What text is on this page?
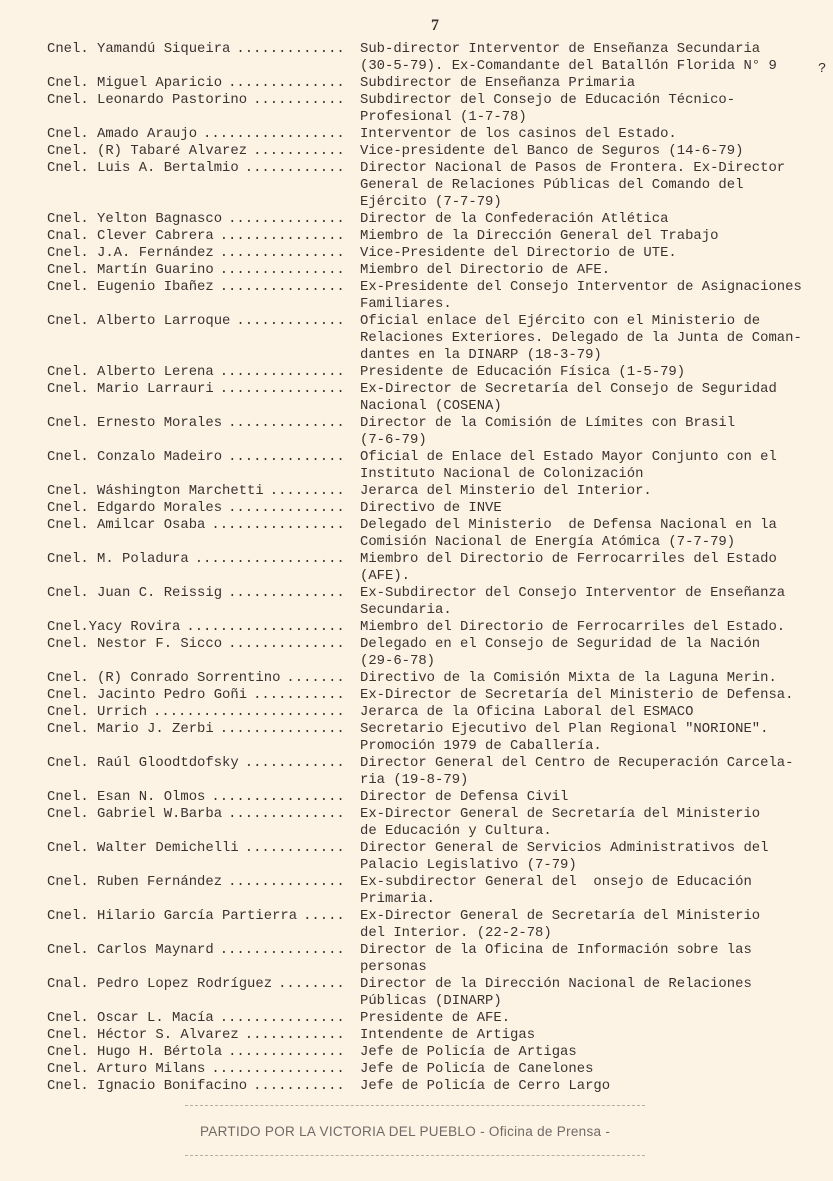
7
?
Cnel. Yamandú Siqueira .....	Sub-director Interventor de Enseñanza Secundaria
(30-5-79). Ex-Comandante del Batallón Florida N° 9
Cnel. Miguel Aparicio .....	Subdirector de Enseñanza Primaria
Cnel. Leonardo Pastorino .....	Subdirector del Consejo de Educación Técnico-
Profesional (1-7-78)
Cnel. Amado Araujo .....	Interventor de los casinos del Estado.
Cnel. (R) Tabaré Alvarez .....	Vice-presidente del Banco de Seguros (14-6-79)
Cnel. Luis A. Bertalmio .....	Director Nacional de Pasos de Frontera. Ex-Director
General de Relaciones Públicas del Comando del
Ejército (7-7-79)
Cnel. Yelton Bagnasco .....	Director de la Confederación Atlética
Cnal. Clever Cabrera .....	Miembro de la Dirección General del Trabajo
Cnel. J.A. Fernández .....	Vice-Presidente del Directorio de UTE.
Cnel. Martín Guarino .....	Miembro del Directorio de AFE.
Cnel. Eugenio Ibañez .....	Ex-Presidente del Consejo Interventor de Asignaciones
Familiares.
Cnel. Alberto Larroque .....	Oficial enlace del Ejército con el Ministerio de
Relaciones Exteriores. Delegado de la Junta de Coman-
dantes en la DINARP (18-3-79)
Cnel. Alberto Lerena .....	Presidente de Educación Física (1-5-79)
Cnel. Mario Larrauri .....	Ex-Director de Secretaría del Consejo de Seguridad
Nacional (COSENA)
Cnel. Ernesto Morales .....	Director de la Comisión de Límites con Brasil
(7-6-79)
Cnel. Conzalo Madeiro .....	Oficial de Enlace del Estado Mayor Conjunto con el
Instituto Nacional de Colonización
Cnel. Wáshington Marchetti .....	Jerarca del Minsterio del Interior.
Cnel. Edgardo Morales .....	Directivo de INVE
Cnel. Amilcar Osaba .....	Delegado del Ministerio  de Defensa Nacional en la
Comisión Nacional de Energía Atómica (7-7-79)
Cnel. M. Poladura .....	Miembro del Directorio de Ferrocarriles del Estado
(AFE).
Cnel. Juan C. Reissig .....	Ex-Subdirector del Consejo Interventor de Enseñanza
Secundaria.
Cnel.Yacy Rovira .....	Miembro del Directorio de Ferrocarriles del Estado.
Cnel. Nestor F. Sicco .....	Delegado en el Consejo de Seguridad de la Nación
(29-6-78)
Cnel. (R) Conrado Sorrentino .....	Directivo de la Comisión Mixta de la Laguna Merin.
Cnel. Jacinto Pedro Goñi .....	Ex-Director de Secretaría del Ministerio de Defensa.
Cnel. Urrich .....	Jerarca de la Oficina Laboral del ESMACO
Cnel. Mario J. Zerbi .....	Secretario Ejecutivo del Plan Regional "NORIONE".
Promoción 1979 de Caballería.
Cnel. Raúl Gloodtdofsky .....	Director General del Centro de Recuperación Carcela-
ria (19-8-79)
Cnel. Esan N. Olmos .....	Director de Defensa Civil
Cnel. Gabriel W.Barba .....	Ex-Director General de Secretaría del Ministerio
de Educación y Cultura.
Cnel. Walter Demichelli .....	Director General de Servicios Administrativos del
Palacio Legislativo (7-79)
Cnel. Ruben Fernández .....	Ex-subdirector General del  onsejo de Educación
Primaria.
Cnel. Hilario García Partierra .....	Ex-Director General de Secretaría del Ministerio
del Interior. (22-2-78)
Cnel. Carlos Maynard .....	Director de la Oficina de Información sobre las
personas
Cnal. Pedro Lopez Rodríguez .....	Director de la Dirección Nacional de Relaciones
Públicas (DINARP)
Cnel. Oscar L. Macía .....	Presidente de AFE.
Cnel. Héctor S. Alvarez .....	Intendente de Artigas
Cnel. Hugo H. Bértola .....	Jefe de Policía de Artigas
Cnel. Arturo Milans .....	Jefe de Policía de Canelones
Cnel. Ignacio Bonifacino .....	Jefe de Policía de Cerro Largo
PARTIDO POR LA VICTORIA DEL PUEBLO - Oficina de Prensa -
